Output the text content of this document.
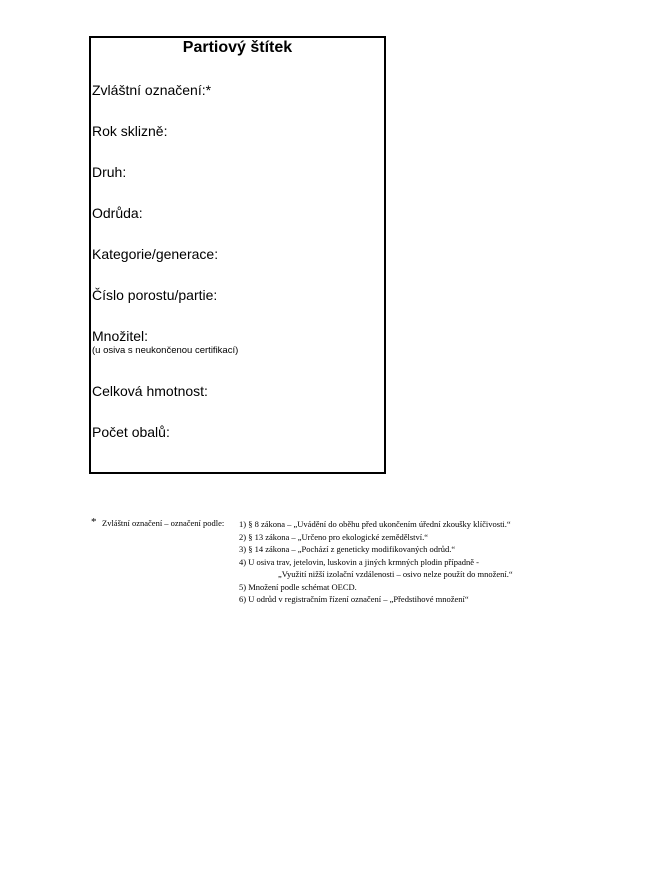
Partiový štítek
Zvláštní označení:*
Rok sklizně:
Druh:
Odrůda:
Kategorie/generace:
Číslo porostu/partie:
Množitel:
(u osiva s neukončenou certifikací)
Celková hmotnost:
Počet obalů:
* Zvláštní označení – označení podle: 1) § 8 zákona – „Uvádění do oběhu před ukončením úřední zkoušky klíčivosti.“
2) § 13 zákona – „Určeno pro ekologické zemědělství.“
3) § 14 zákona – „Pochází z geneticky modifikovaných odrůd.“
4) U osiva trav, jetelovin, luskovin a jiných krmných plodin případně -
„Využití nižší izolační vzdálenosti – osivo nelze použít do množení.“
5) Množení podle schémat OECD.
6) U odrůd v registračním řízení označení – „Předstihové množení“
